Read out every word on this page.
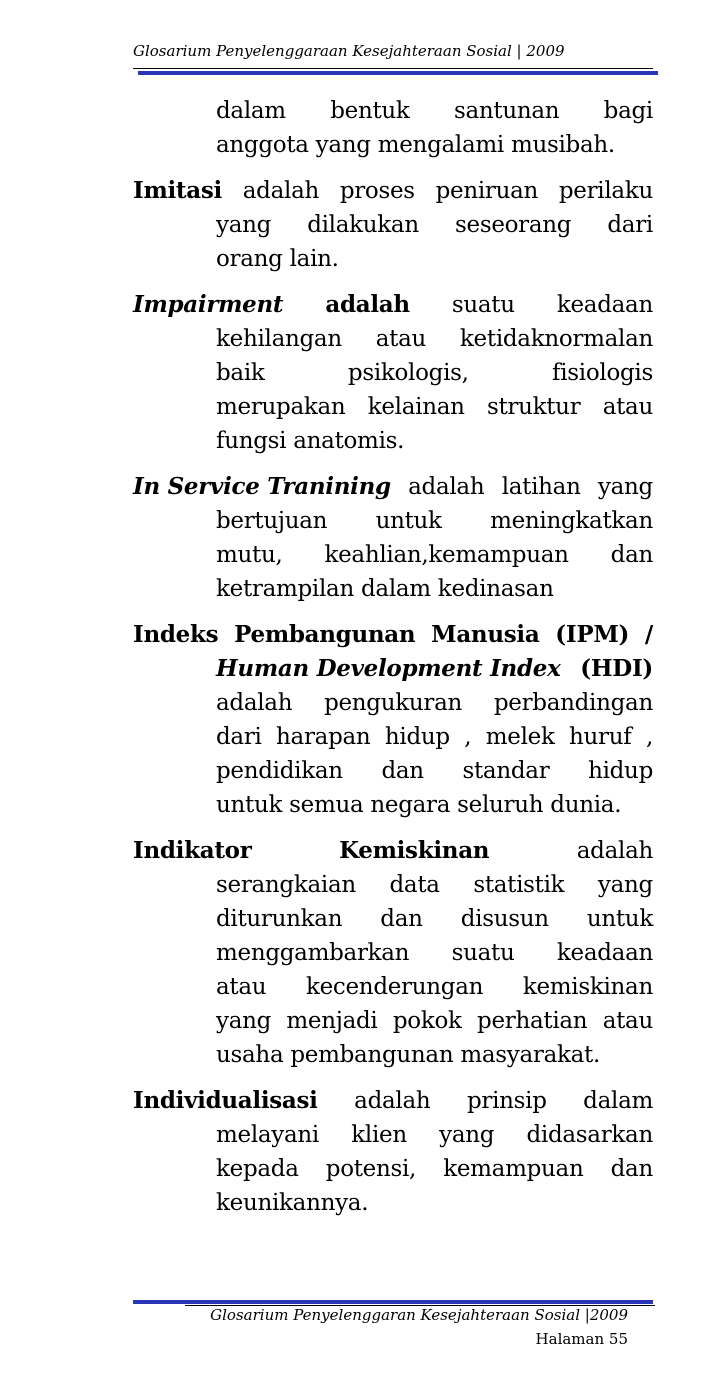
Glosarium Penyelenggaraan Kesejahteraan Sosial | 2009
dalam bentuk santunan bagi
anggota yang mengalami musibah.
Imitasi adalah proses peniruan perilaku
yang dilakukan seseorang dari
orang lain.
Impairment adalah suatu keadaan
kehilangan atau ketidaknormalan
baik	psikologis,	fisiologis
merupakan kelainan struktur atau
fungsi anatomis.
In Service Tranining adalah latihan yang
bertujuan untuk meningkatkan
mutu, keahlian,kemampuan dan
ketrampilan dalam kedinasan
Indeks Pembangunan Manusia (IPM) /
Human Development Index (HDI)
adalah pengukuran perbandingan
dari harapan hidup , melek huruf ,
pendidikan dan standar hidup
untuk semua negara seluruh dunia.
Indikator	Kemiskinan	adalah
serangkaian data statistik yang
diturunkan dan disusun untuk
menggambarkan suatu keadaan
atau kecenderungan kemiskinan
yang menjadi pokok perhatian atau
usaha pembangunan masyarakat.
Individualisasi adalah prinsip dalam
melayani klien yang didasarkan
kepada potensi, kemampuan dan
keunikannya.
Glosarium Penyelenggaran Kesejahteraan Sosial |2009
Halaman 55
